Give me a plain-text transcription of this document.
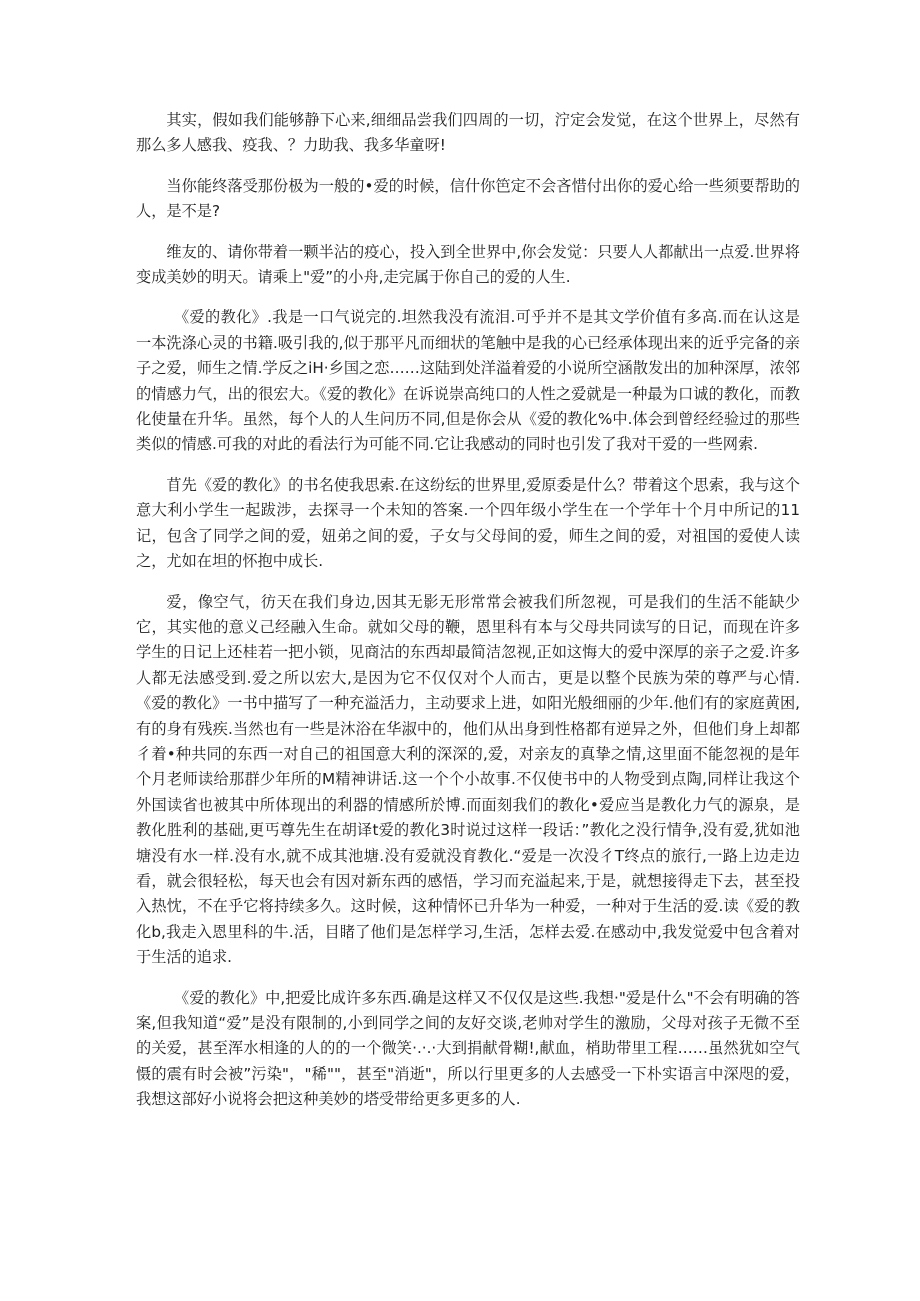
其实，假如我们能够静下心来,细细品尝我们四周的一切，泞定会发觉，在这个世界上，尽然有那么多人感我、疫我、？力助我、我多华童呀!

当你能终落受那份极为一般的•爱的时候，信什你笆定不会吝惜付出你的爱心给一些须要帮助的人，是不是?

维友的、请你带着一颗半沾的疫心，投入到全世界中,你会发觉：只要人人都献出一点爱.世界将变成美妙的明天。请乘上"爱”的小舟,走完属于你自己的爱的人生.

《爱的教化》.我是一口气说完的.坦然我没有流泪.可乎并不是其文学价值有多高.而在认这是一本洗涤心灵的书籍.吸引我的,似于那平凡而细状的笔触中是我的心已经承体现出来的近乎完备的亲子之爱，师生之情.学反之iH·乡国之恋……这陆到处洋溢着爱的小说所空涵散发出的加种深厚，浓邻的情感力气，出的很宏大。《爱的教化》在诉说崇高纯口的人性之爱就是一种最为口诚的教化，而教化使量在升华。虽然，每个人的人生问历不同,但是你会从《爱的教化%中.体会到曾经经验过的那些类似的情感.可我的对此的看法行为可能不同.它让我感动的同时也引发了我对干爱的一些网索.

苜先《爱的教化》的书名使我思索.在这纷纭的世界里,爱原委是什么？带着这个思索，我与这个意大利小学生一起跋涉，去探寻一个未知的答案.一个四年级小学生在一个学年十个月中所记的11记，包含了同学之间的爱，妞弟之间的爱，子女与父母间的爱，师生之间的爱，对祖国的爱使人读之，尤如在坦的怀抱中成长.

爱，像空气，彷天在我们身边,因其无影无形常常会被我们所忽视，可是我们的生活不能缺少它，其实他的意义己经融入生命。就如父母的鞭，恩里科有本与父母共同读写的日记，而现在许多学生的日记上还桂若一把小锁，见商沽的东西却最简洁忽视,正如这悔大的爱中深厚的亲子之爱.许多人都无法感受到.爱之所以宏大,是因为它不仅仅对个人而古，更是以整个民族为荣的尊严与心情.《爱的教化》一书中描写了一种充溢活力，主动要求上进，如阳光般细丽的少年.他们有的家庭黄困,有的身有残疾.当然也有一些是沐浴在华淑中的，他们从出身到性格都有逆异之外，但他们身上却都彳着•种共同的东西一对自己的祖国意大利的深深的,爱，对亲友的真挚之情,这里面不能忽视的是年个月老师读给那群少年所的M精神讲话.这一个个小故事.不仅使书中的人物受到点陶,同样让我这个外国读省也被其中所体现出的利器的情感所於博.而面刻我们的教化•爱应当是教化力气的源泉，是教化胜利的基础,更丐尊先生在胡译t爱的教化3时说过这样一段话：”教化之没行情争,没有爱,犹如池塘没有水一样.没有水,就不成其池塘.没有爱就没育教化.“爱是一次没彳T终点的旅行,一路上边走边看，就会很轻松，每天也会有因对新东西的感悟，学习而充溢起来,于是，就想接得走下去，甚至投入热忱，不在乎它将持续多久。这时候，这种情怀已升华为一种爱，一种对于生活的爱.读《爱的教化b,我走入恩里科的牛.活，目睹了他们是怎样学习,生活，怎样去爱.在感动中,我发觉爱中包含着对于生活的追求.

《爱的教化》中,把爱比成许多东西.确是这样又不仅仅是这些.我想·"爱是什么"不会有明确的答案,但我知道“爱”是没有限制的,小到同学之间的友好交谈,老帅对学生的激励，父母对孩子无微不至的关爱，甚至浑水相逢的人的的一个微笑·.·.·大到捐献骨糊!,献血，梢助带里工程……虽然犹如空气慑的震有时会被”污染"，"稀""，甚至"消逝"，所以行里更多的人去感受一下朴实语言中深咫的爱，我想这部好小说将会把这种美妙的塔受带给更多更多的人.
